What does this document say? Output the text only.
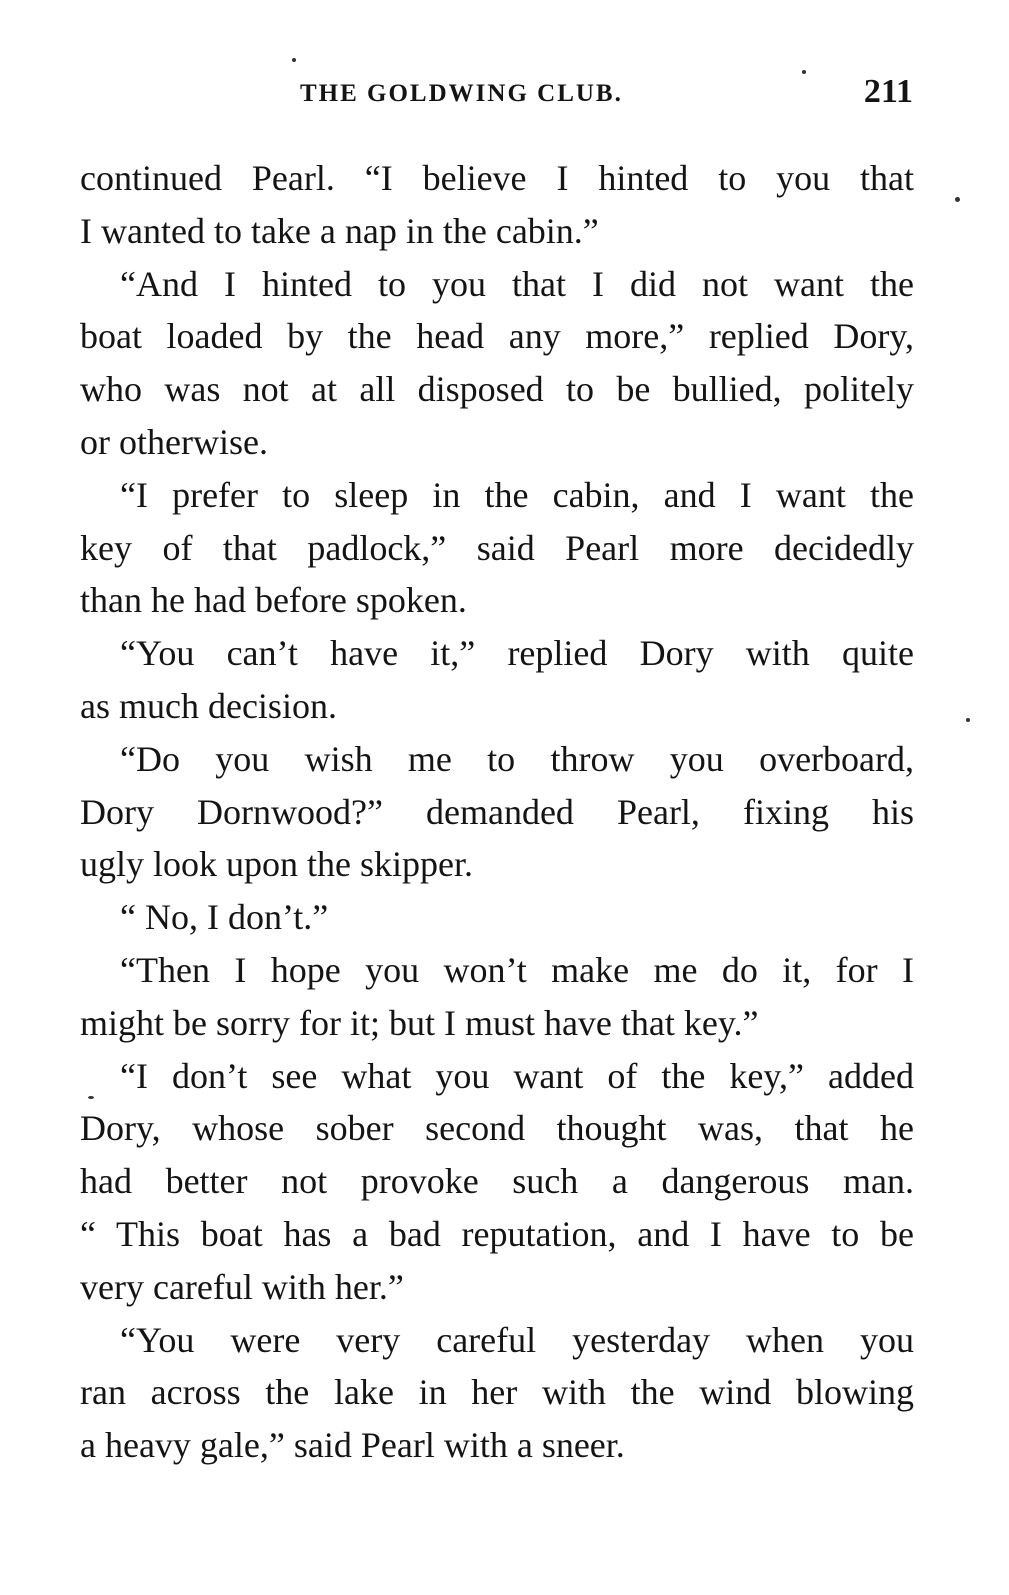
THE GOLDWING CLUB.	211
continued Pearl. “I believe I hinted to you that
I wanted to take a nap in the cabin.”
“And I hinted to you that I did not want the
boat loaded by the head any more,” replied Dory,
who was not at all disposed to be bullied, politely
or otherwise.
“I prefer to sleep in the cabin, and I want the
key of that padlock,” said Pearl more decidedly
than he had before spoken.
“You can’t have it,” replied Dory with quite
as much decision.
“Do you wish me to throw you overboard,
Dory Dornwood?” demanded Pearl, fixing his
ugly look upon the skipper.
“ No, I don’t.”
“Then I hope you won’t make me do it, for I
might be sorry for it; but I must have that key.”
“I don’t see what you want of the key,” added
Dory, whose sober second thought was, that he
had better not provoke such a dangerous man.
“ This boat has a bad reputation, and I have to be
very careful with her.”
“You were very careful yesterday when you
ran across the lake in her with the wind blowing
a heavy gale,” said Pearl with a sneer.
